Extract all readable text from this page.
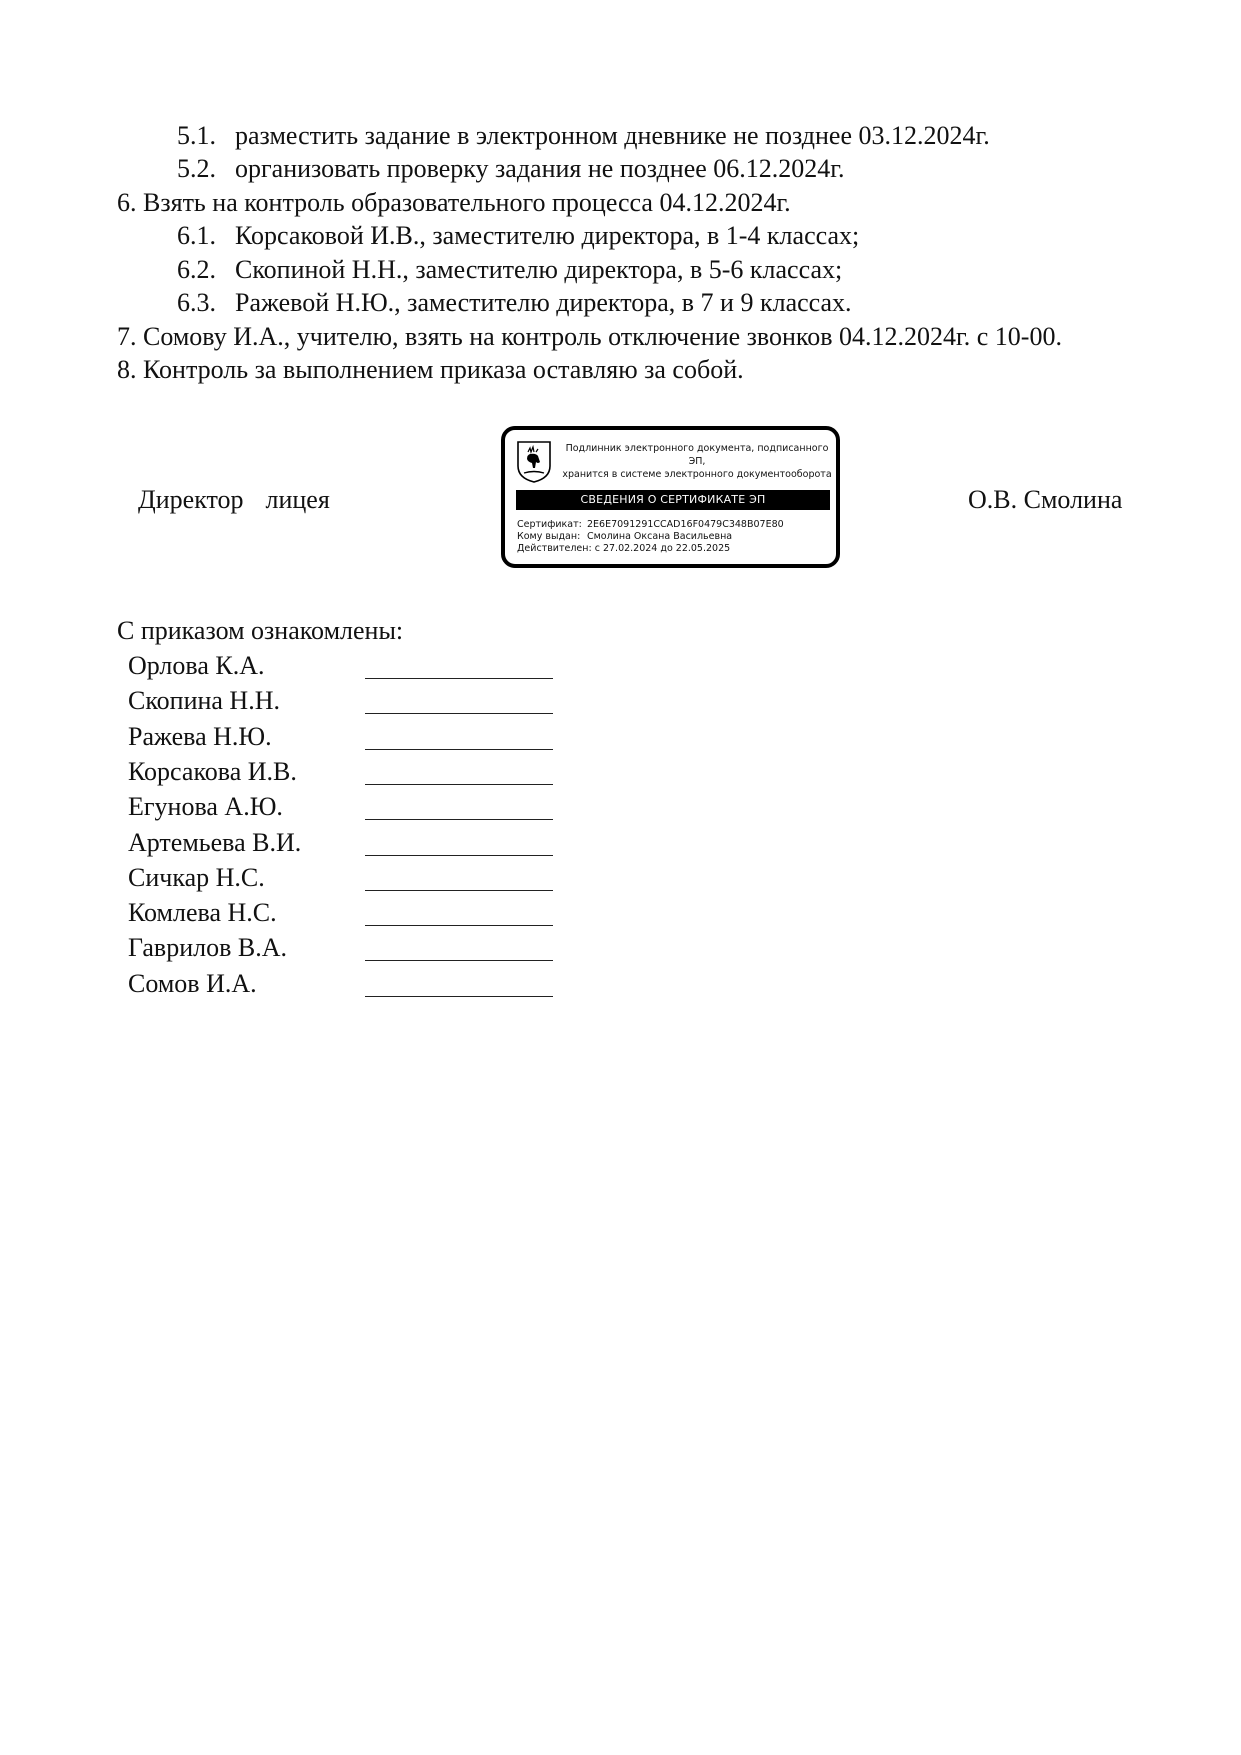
5.1. разместить задание в электронном дневнике не позднее 03.12.2024г.
5.2. организовать проверку задания не позднее 06.12.2024г.
6. Взять на контроль образовательного процесса 04.12.2024г.
6.1. Корсаковой И.В., заместителю директора, в 1-4 классах;
6.2. Скопиной Н.Н., заместителю директора, в 5-6 классах;
6.3. Ражевой Н.Ю., заместителю директора, в 7 и 9 классах.
7. Сомову И.А., учителю, взять на контроль отключение звонков 04.12.2024г. с 10-00.
8. Контроль за выполнением приказа оставляю за собой.
Директор лицея
Подлинник электронного документа, подписанного ЭП,
хранится в системе электронного документооборота
СВЕДЕНИЯ О СЕРТИФИКАТЕ ЭП
Сертификат: 2E6E7091291CCAD16F0479C348B07E80
Кому выдан: Смолина Оксана Васильевна
Действителен: с 27.02.2024 до 22.05.2025
О.В. Смолина
С приказом ознакомлены:
Орлова К.А.
Скопина Н.Н.
Ражева Н.Ю.
Корсакова И.В.
Егунова А.Ю.
Артемьева В.И.
Сичкар Н.С.
Комлева Н.С.
Гаврилов В.А.
Сомов И.А.
